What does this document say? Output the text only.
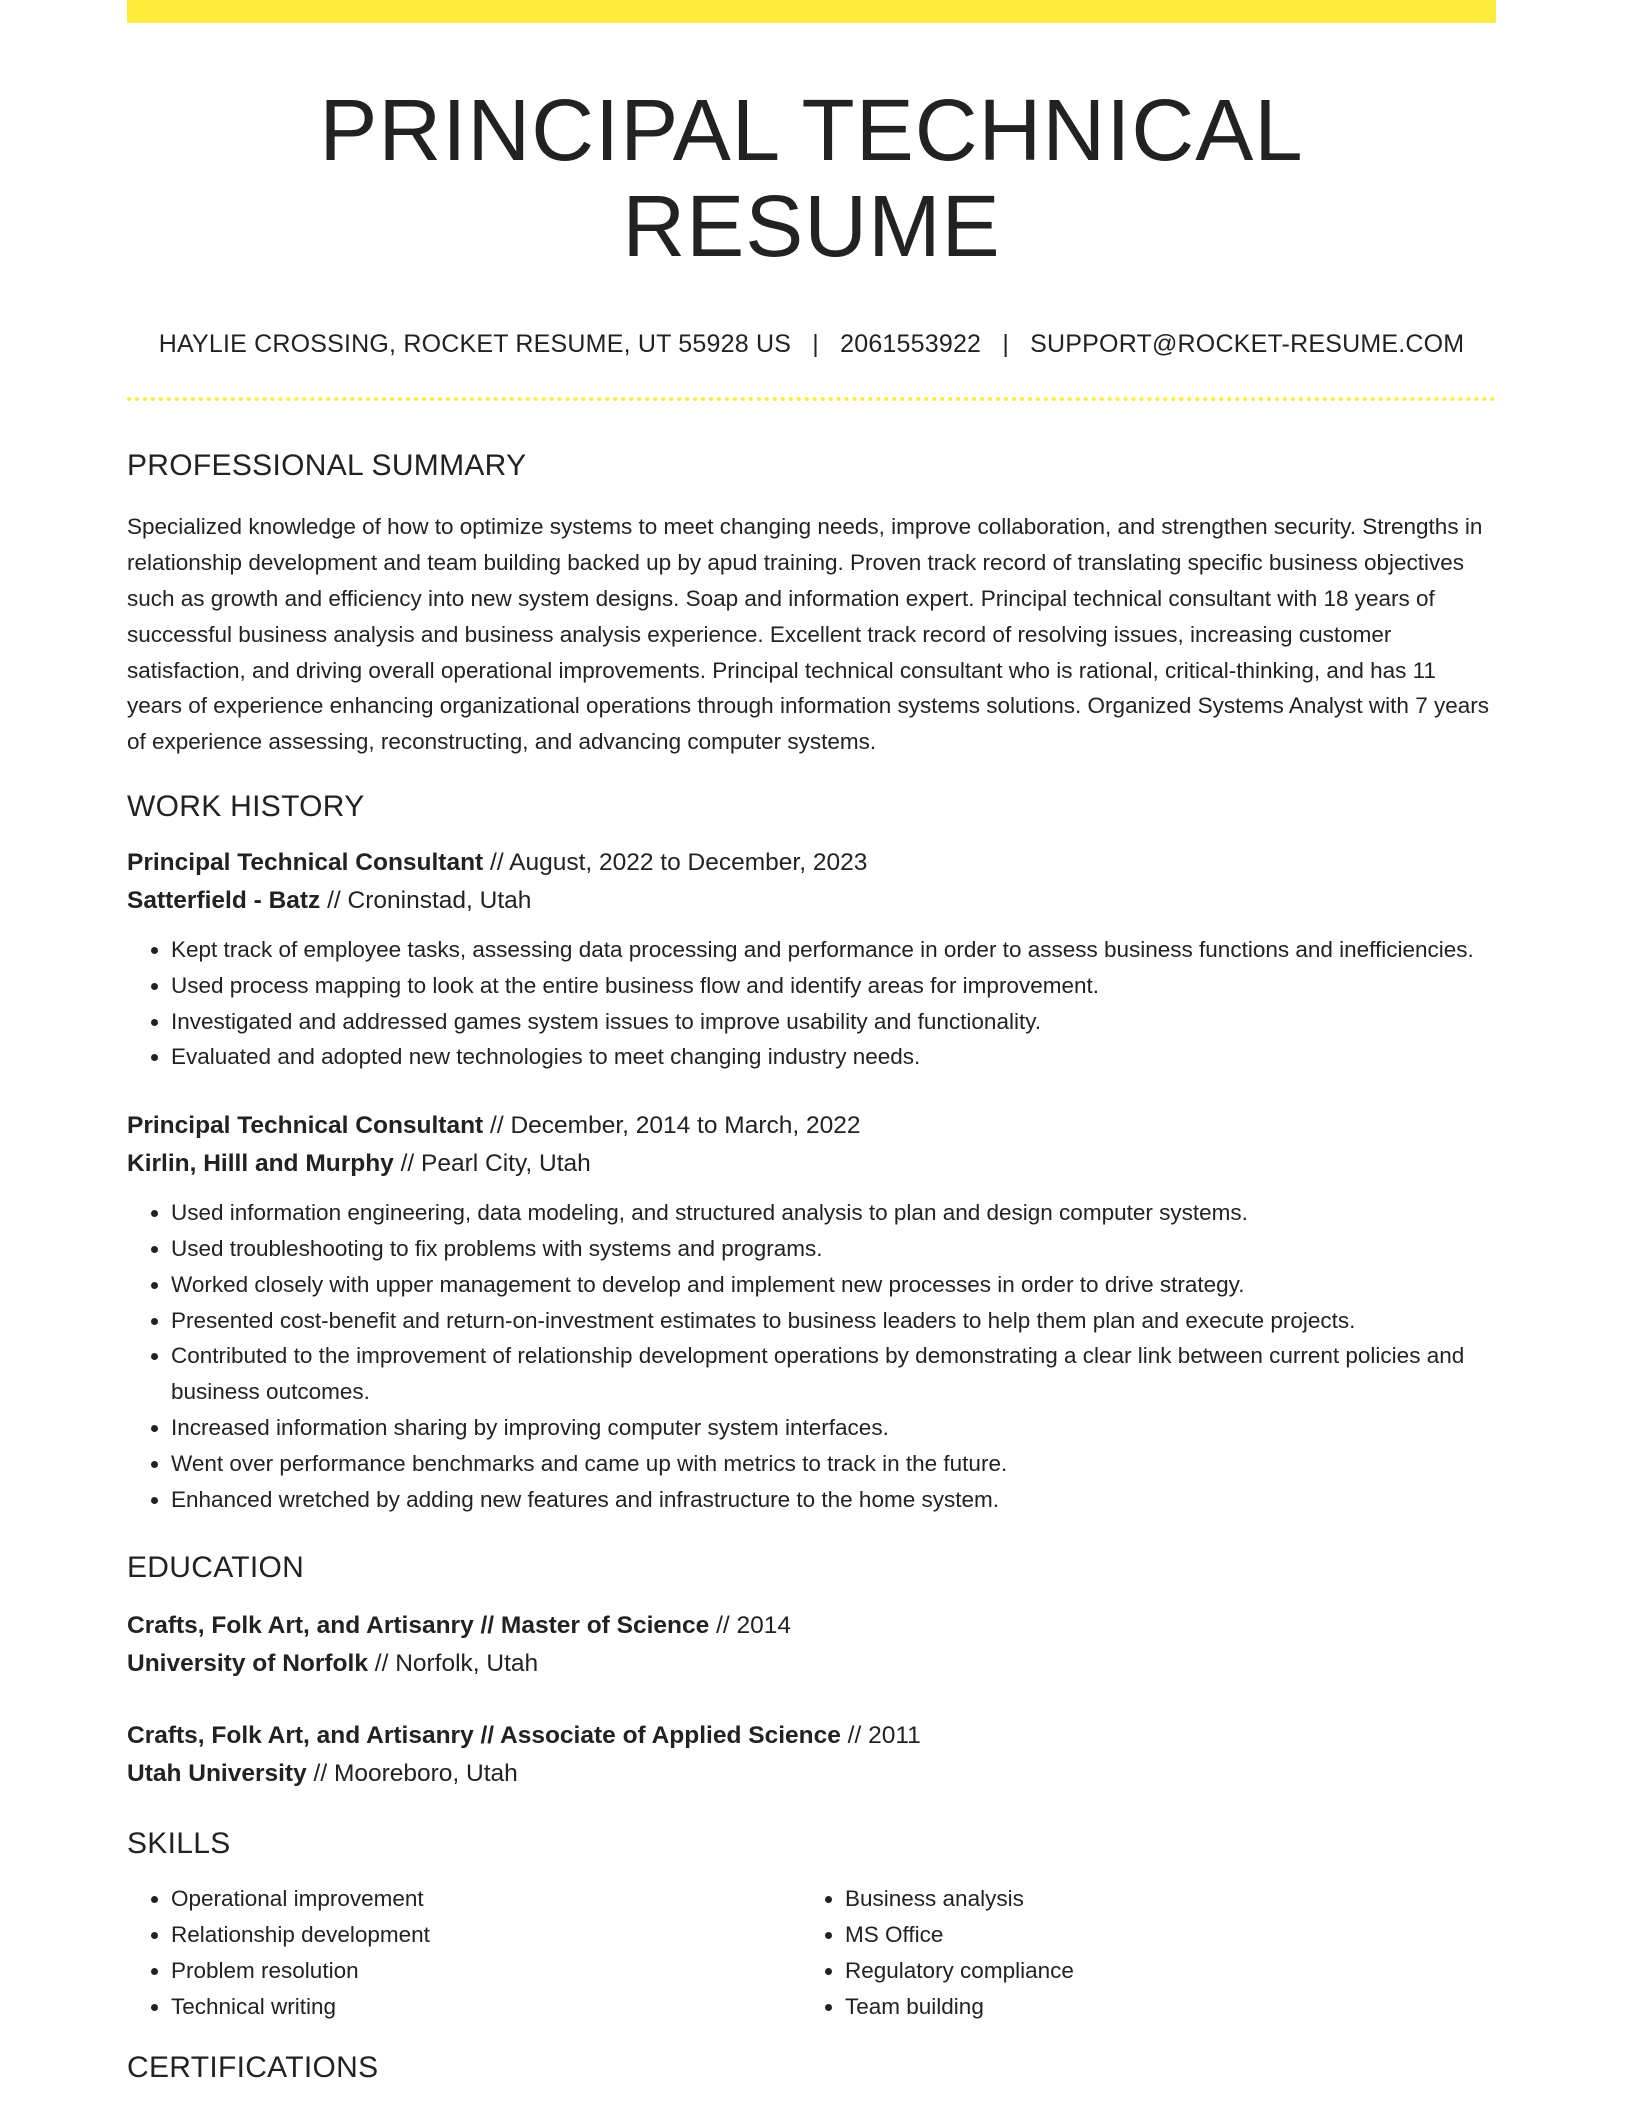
PRINCIPAL TECHNICAL RESUME
HAYLIE CROSSING, ROCKET RESUME, UT 55928 US | 2061553922 | SUPPORT@ROCKET-RESUME.COM
PROFESSIONAL SUMMARY

Specialized knowledge of how to optimize systems to meet changing needs, improve collaboration, and strengthen security. Strengths in relationship development and team building backed up by apud training. Proven track record of translating specific business objectives such as growth and efficiency into new system designs. Soap and information expert. Principal technical consultant with 18 years of successful business analysis and business analysis experience. Excellent track record of resolving issues, increasing customer satisfaction, and driving overall operational improvements. Principal technical consultant who is rational, critical-thinking, and has 11 years of experience enhancing organizational operations through information systems solutions. Organized Systems Analyst with 7 years of experience assessing, reconstructing, and advancing computer systems.

WORK HISTORY
Principal Technical Consultant // August, 2022 to December, 2023
Satterfield - Batz // Croninstad, Utah
• Kept track of employee tasks, assessing data processing and performance in order to assess business functions and inefficiencies.
• Used process mapping to look at the entire business flow and identify areas for improvement.
• Investigated and addressed games system issues to improve usability and functionality.
• Evaluated and adopted new technologies to meet changing industry needs.
Principal Technical Consultant // December, 2014 to March, 2022
Kirlin, Hilll and Murphy // Pearl City, Utah
• Used information engineering, data modeling, and structured analysis to plan and design computer systems.
• Used troubleshooting to fix problems with systems and programs.
• Worked closely with upper management to develop and implement new processes in order to drive strategy.
• Presented cost-benefit and return-on-investment estimates to business leaders to help them plan and execute projects.
• Contributed to the improvement of relationship development operations by demonstrating a clear link between current policies and business outcomes.
• Increased information sharing by improving computer system interfaces.
• Went over performance benchmarks and came up with metrics to track in the future.
• Enhanced wretched by adding new features and infrastructure to the home system.
EDUCATION
Crafts, Folk Art, and Artisanry // Master of Science // 2014
University of Norfolk // Norfolk, Utah
Crafts, Folk Art, and Artisanry // Associate of Applied Science // 2011
Utah University // Mooreboro, Utah
SKILLS
• Operational improvement
• Relationship development
• Problem resolution
• Technical writing
• Business analysis
• MS Office
• Regulatory compliance
• Team building
CERTIFICATIONS
